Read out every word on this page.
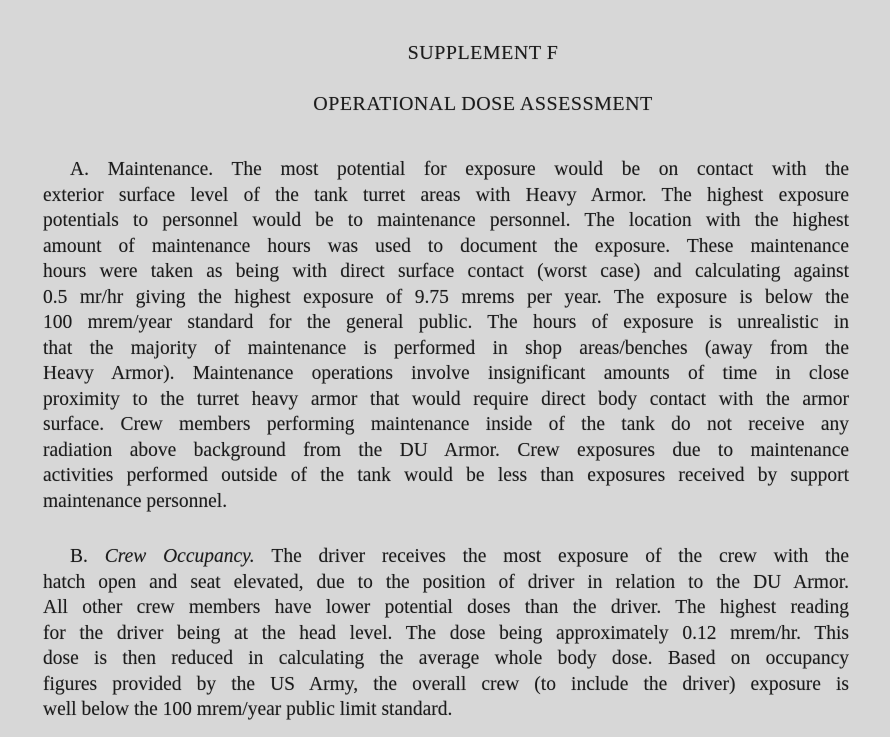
SUPPLEMENT F
OPERATIONAL DOSE ASSESSMENT
A. Maintenance. The most potential for exposure would be on contact with the
exterior surface level of the tank turret areas with Heavy Armor. The highest exposure
potentials to personnel would be to maintenance personnel. The location with the highest
amount of maintenance hours was used to document the exposure. These maintenance
hours were taken as being with direct surface contact (worst case) and calculating against
0.5 mr/hr giving the highest exposure of 9.75 mrems per year. The exposure is below the
100 mrem/year standard for the general public. The hours of exposure is unrealistic in
that the majority of maintenance is performed in shop areas/benches (away from the
Heavy Armor). Maintenance operations involve insignificant amounts of time in close
proximity to the turret heavy armor that would require direct body contact with the armor
surface. Crew members performing maintenance inside of the tank do not receive any
radiation above background from the DU Armor. Crew exposures due to maintenance
activities performed outside of the tank would be less than exposures received by support
maintenance personnel.
B. Crew Occupancy. The driver receives the most exposure of the crew with the
hatch open and seat elevated, due to the position of driver in relation to the DU Armor.
All other crew members have lower potential doses than the driver. The highest reading
for the driver being at the head level. The dose being approximately 0.12 mrem/hr. This
dose is then reduced in calculating the average whole body dose. Based on occupancy
figures provided by the US Army, the overall crew (to include the driver) exposure is
well below the 100 mrem/year public limit standard.
